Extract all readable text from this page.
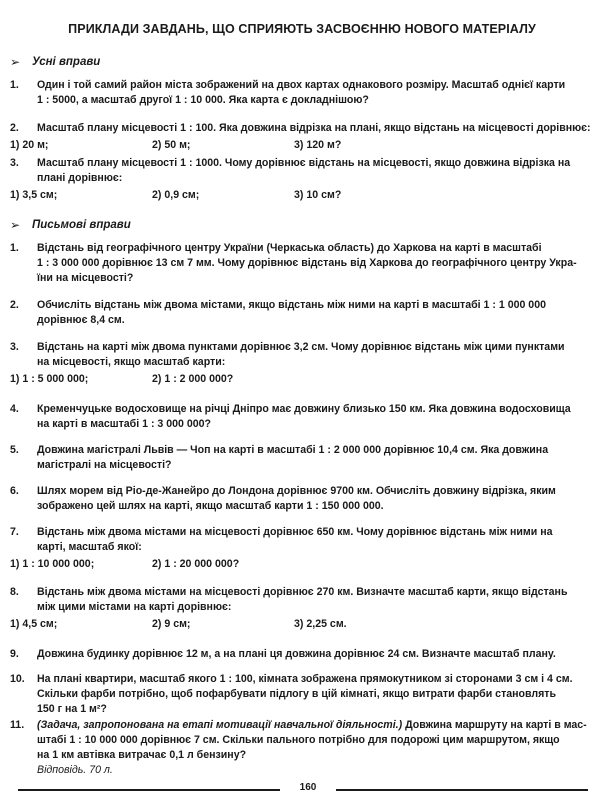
ПРИКЛАДИ ЗАВДАНЬ, ЩО СПРИЯЮТЬ ЗАСВОЄННЮ НОВОГО МАТЕРІАЛУ
➢	Усні вправи
1.	Один і той самий район міста зображений на двох картах однакового розміру. Масштаб однієї карти
1 : 5000, а масштаб другої 1 : 10 000. Яка карта є докладнішою?
2.	Масштаб плану місцевості 1 : 100. Яка довжина відрізка на плані, якщо відстань на місцевості дорівнює:
1) 20 м;	2) 50 м;	3) 120 м?
3.	Масштаб плану місцевості 1 : 1000. Чому дорівнює відстань на місцевості, якщо довжина відрізка на
плані дорівнює:
1) 3,5 см;	2) 0,9 см;	3) 10 см?
➢	Письмові вправи
1.	Відстань від географічного центру України (Черкаська область) до Харкова на карті в масштабі
1 : 3 000 000 дорівнює 13 см 7 мм. Чому дорівнює відстань від Харкова до географічного центру Укра-
їни на місцевості?
2.	Обчисліть відстань між двома містами, якщо відстань між ними на карті в масштабі 1 : 1 000 000
дорівнює 8,4 см.
3.	Відстань на карті між двома пунктами дорівнює 3,2 см. Чому дорівнює відстань між цими пунктами
на місцевості, якщо масштаб карти:
1) 1 : 5 000 000;	2) 1 : 2 000 000?
4.	Кременчуцьке водосховище на річці Дніпро має довжину близько 150 км. Яка довжина водосховища
на карті в масштабі 1 : 3 000 000?
5.	Довжина магістралі Львів — Чоп на карті в масштабі 1 : 2 000 000 дорівнює 10,4 см. Яка довжина
магістралі на місцевості?
6.	Шлях морем від Ріо-де-Жанейро до Лондона дорівнює 9700 км. Обчисліть довжину відрізка, яким
зображено цей шлях на карті, якщо масштаб карти 1 : 150 000 000.
7.	Відстань між двома містами на місцевості дорівнює 650 км. Чому дорівнює відстань між ними на
карті, масштаб якої:
1) 1 : 10 000 000;	2) 1 : 20 000 000?
8.	Відстань між двома містами на місцевості дорівнює 270 км. Визначте масштаб карти, якщо відстань
між цими містами на карті дорівнює:
1) 4,5 см;	2) 9 см;	3) 2,25 см.
9.	Довжина будинку дорівнює 12 м, а на плані ця довжина дорівнює 24 см. Визначте масштаб плану.
10.	На плані квартири, масштаб якого 1 : 100, кімната зображена прямокутником зі сторонами 3 см і 4 см.
Скільки фарби потрібно, щоб пофарбувати підлогу в цій кімнаті, якщо витрати фарби становлять
150 г на 1 м²?
11.	(Задача, запропонована на етапі мотивації навчальної діяльності.) Довжина маршруту на карті в мас-
штабі 1 : 10 000 000 дорівнює 7 см. Скільки пального потрібно для подорожі цим маршрутом, якщо
на 1 км автівка витрачає 0,1 л бензину?
Відповідь. 70 л.
160
